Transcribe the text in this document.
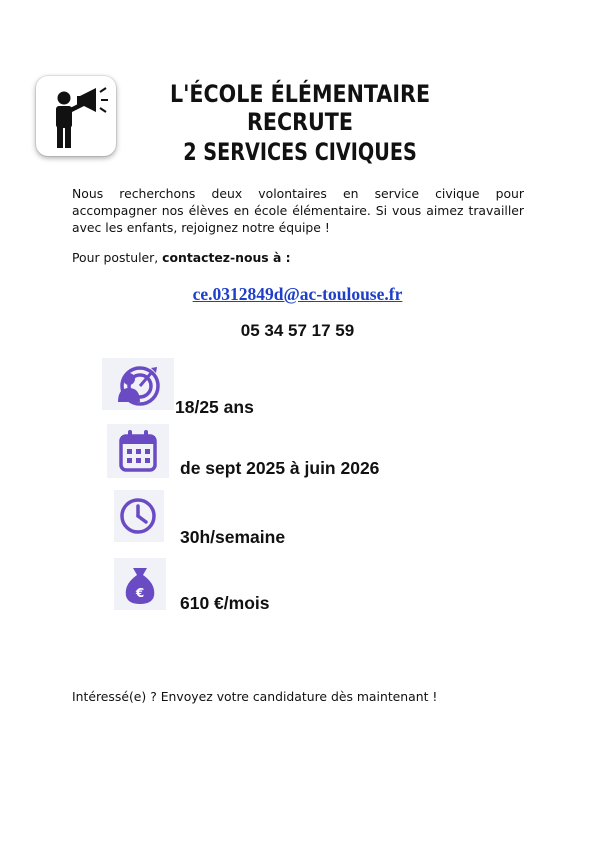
L'ÉCOLE ÉLÉMENTAIRE RECRUTE
2 SERVICES CIVIQUES
Nous recherchons deux volontaires en service civique pour accompagner nos élèves en école élémentaire. Si vous aimez travailler avec les enfants, rejoignez notre équipe !
Pour postuler, contactez-nous à :
ce.0312849d@ac-toulouse.fr
05 34 57 17 59
18/25 ans
de sept 2025 à juin 2026
30h/semaine
€ 610 €/mois
Intéressé(e) ? Envoyez votre candidature dès maintenant !
